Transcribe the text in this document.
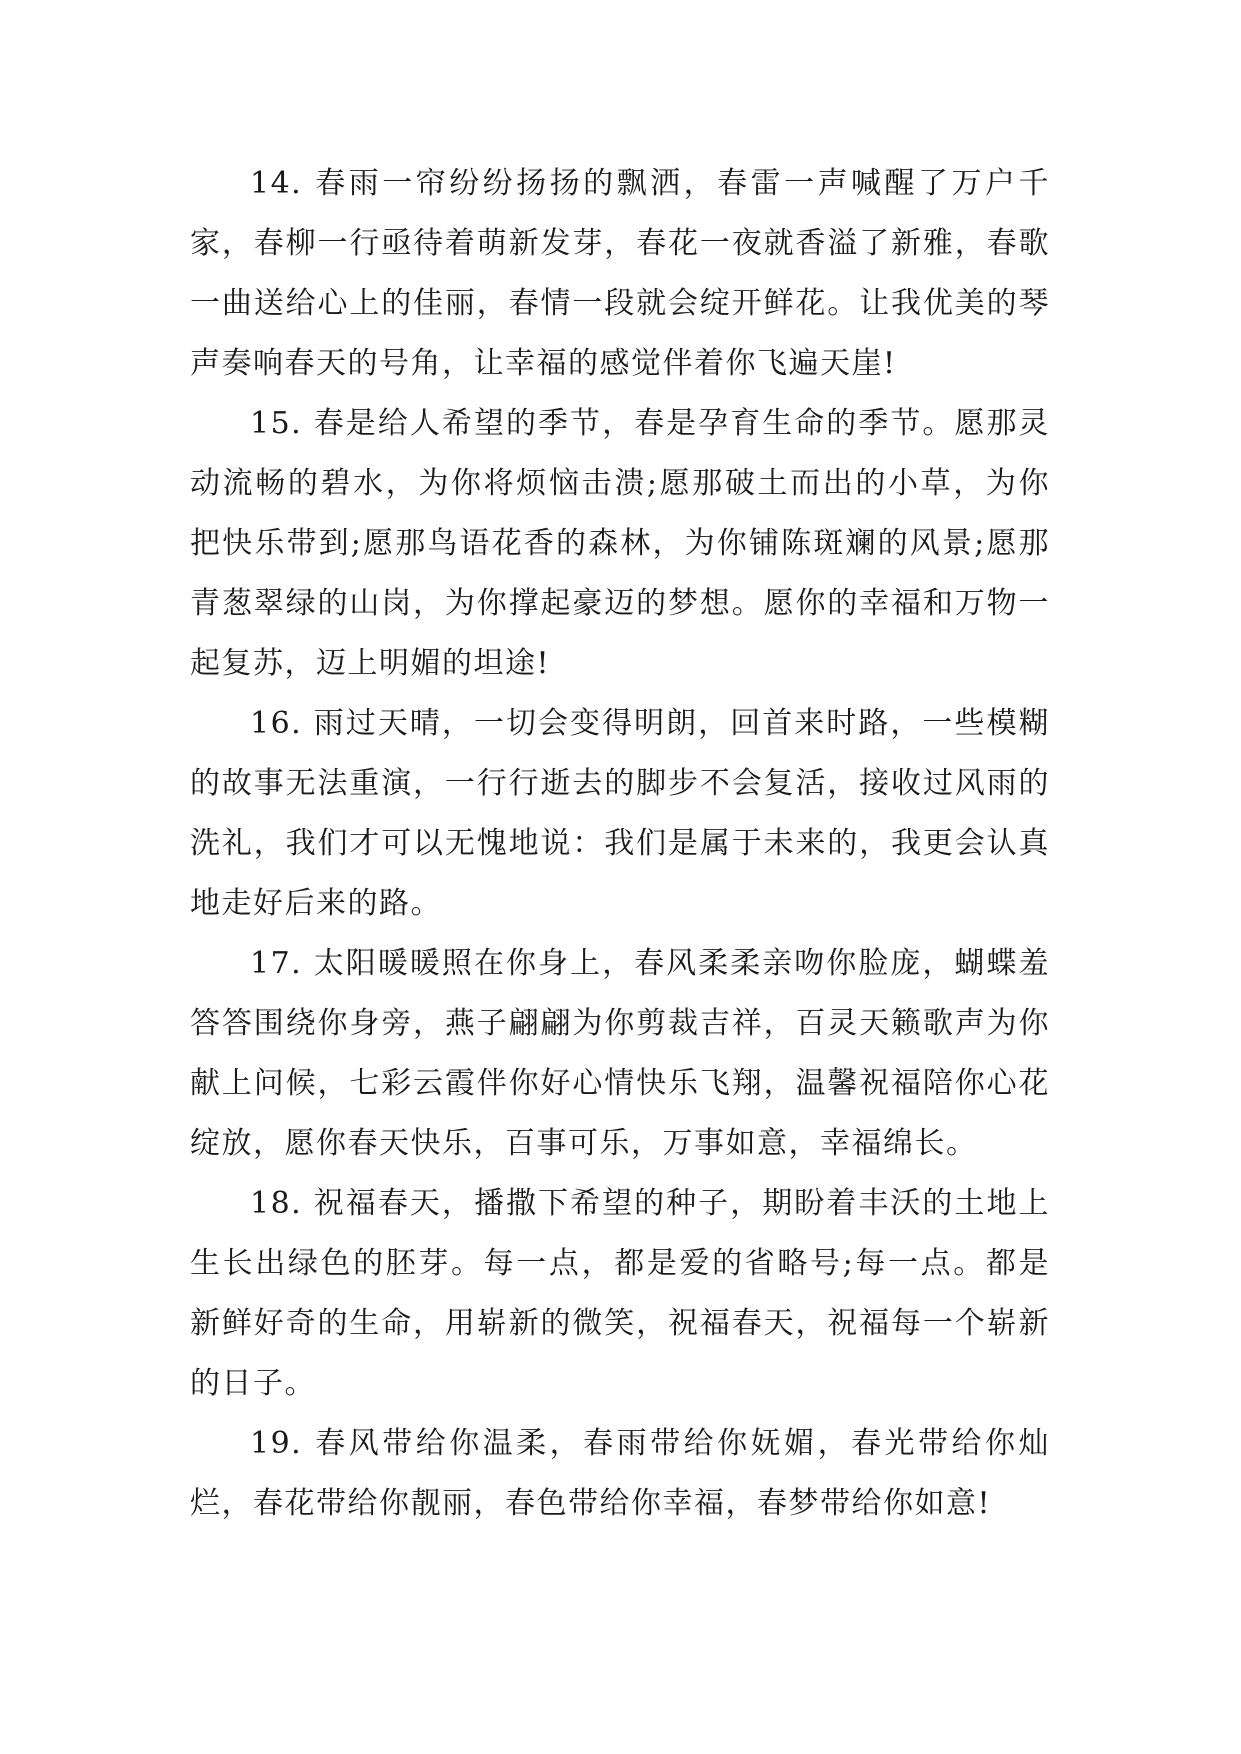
14. 春雨一帘纷纷扬扬的飘洒，春雷一声喊醒了万户千家，春柳一行亟待着萌新发芽，春花一夜就香溢了新雅，春歌一曲送给心上的佳丽，春情一段就会绽开鲜花。让我优美的琴声奏响春天的号角，让幸福的感觉伴着你飞遍天崖!

15. 春是给人希望的季节，春是孕育生命的季节。愿那灵动流畅的碧水，为你将烦恼击溃;愿那破土而出的小草，为你把快乐带到;愿那鸟语花香的森林，为你铺陈斑斓的风景;愿那青葱翠绿的山岗，为你撑起豪迈的梦想。愿你的幸福和万物一起复苏，迈上明媚的坦途!

16. 雨过天晴，一切会变得明朗，回首来时路，一些模糊的故事无法重演，一行行逝去的脚步不会复活，接收过风雨的洗礼，我们才可以无愧地说：我们是属于未来的，我更会认真地走好后来的路。

17. 太阳暖暖照在你身上，春风柔柔亲吻你脸庞，蝴蝶羞答答围绕你身旁，燕子翩翩为你剪裁吉祥，百灵天籁歌声为你献上问候，七彩云霞伴你好心情快乐飞翔，温馨祝福陪你心花绽放，愿你春天快乐，百事可乐，万事如意，幸福绵长。

18. 祝福春天，播撒下希望的种子，期盼着丰沃的土地上生长出绿色的胚芽。每一点，都是爱的省略号;每一点。都是新鲜好奇的生命，用崭新的微笑，祝福春天，祝福每一个崭新的日子。

19. 春风带给你温柔，春雨带给你妩媚，春光带给你灿烂，春花带给你靓丽，春色带给你幸福，春梦带给你如意!
